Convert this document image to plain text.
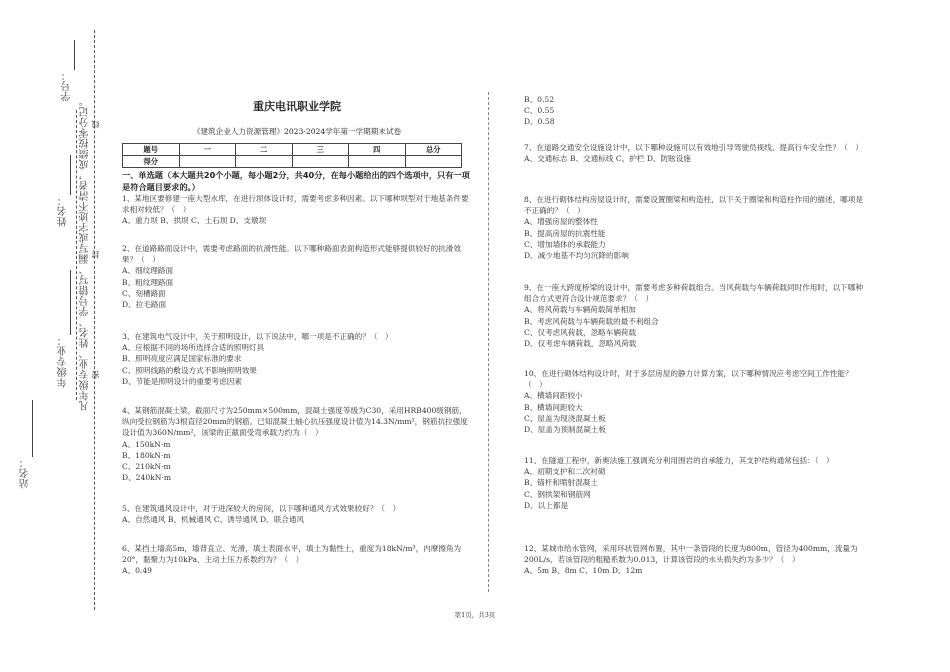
学号：
姓名： 凡年级专业、姓名、学号错写、漏写或字迹不清者，成绩按零分记。
年级专业：
站名：
线
封
密
重庆电讯职业学院
《建筑企业人力资源管理》2023-2024学年第一学期期末试卷
题号	一	二	三	四	总分
得分					
一、单选题（本大题共20个小题，每小题2分，共40分，在每小题给出的四个选项中，只有一项是符合题目要求的。）

1、某地区要修建一座大型水库，在进行坝体设计时，需要考虑多种因素。以下哪种坝型对于地基条件要求相对较低？（　）

A、重力坝 B、拱坝 C、土石坝 D、支墩坝

2、在道路路面设计中，需要考虑路面的抗滑性能。以下哪种路面表面构造形式能够提供较好的抗滑效果？（　）

A、细纹理路面

B、粗纹理路面

C、刻槽路面

D、拉毛路面

3、在建筑电气设计中，关于照明设计，以下说法中，哪一项是不正确的？（　）

A、应根据不同的场所选择合适的照明灯具

B、照明亮度应满足国家标准的要求

C、照明线路的敷设方式不影响照明效果

D、节能是照明设计的重要考虑因素

4、某钢筋混凝土梁，截面尺寸为250mm×500mm，混凝土强度等级为C30，采用HRB400级钢筋，纵向受拉钢筋为3根直径20mm的钢筋。已知混凝土轴心抗压强度设计值为14.3N/mm²，钢筋抗拉强度设计值为360N/mm²，该梁的正截面受弯承载力约为（　）

A、150kN·m

B、180kN·m

C、210kN·m

D、240kN·m

5、在建筑通风设计中，对于进深较大的房间，以下哪种通风方式效果较好？（　）

A、自然通风 B、机械通风 C、诱导通风 D、联合通风

6、某挡土墙高5m，墙背直立、光滑，填土表面水平，填土为黏性土，重度为18kN/m³，内摩擦角为20°，黏聚力为10kPa，主动土压力系数约为？（　）

A、0.49

B、0.52

C、0.55

D、0.58

7、在道路交通安全设施设计中，以下哪种设施可以有效地引导驾驶员视线，提高行车安全性？（　）

A、交通标志 B、交通标线 C、护栏 D、防眩设施

8、在进行砌体结构房屋设计时，需要设置圈梁和构造柱，以下关于圈梁和构造柱作用的描述，哪项是不正确的？（　）

A、增强房屋的整体性

B、提高房屋的抗震性能

C、增加墙体的承载能力

D、减少地基不均匀沉降的影响

9、在一座大跨度桥梁的设计中，需要考虑多种荷载组合。当风荷载与车辆荷载同时作用时，以下哪种组合方式更符合设计规范要求？（　）

A、将风荷载与车辆荷载简单相加

B、考虑风荷载与车辆荷载的最不利组合

C、仅考虑风荷载，忽略车辆荷载

D、仅考虑车辆荷载，忽略风荷载

10、在进行砌体结构设计时，对于多层房屋的静力计算方案，以下哪种情况应考虑空间工作性能？（　）

A、横墙间距较小

B、横墙间距较大

C、屋盖为现浇混凝土板

D、屋盖为预制混凝土板

11、在隧道工程中，新奥法施工强调充分利用围岩的自承能力，其支护结构通常包括：（　）

A、初期支护和二次衬砌

B、锚杆和喷射混凝土

C、钢拱架和钢筋网

D、以上都是

12、某城市给水管网，采用环状管网布置，其中一条管段的长度为800m，管径为400mm，流量为200L/s，若该管段的粗糙系数为0.013，计算该管段的水头损失约为多少？（　）

A、5m B、8m C、10m D、12m

第1页，共3页
